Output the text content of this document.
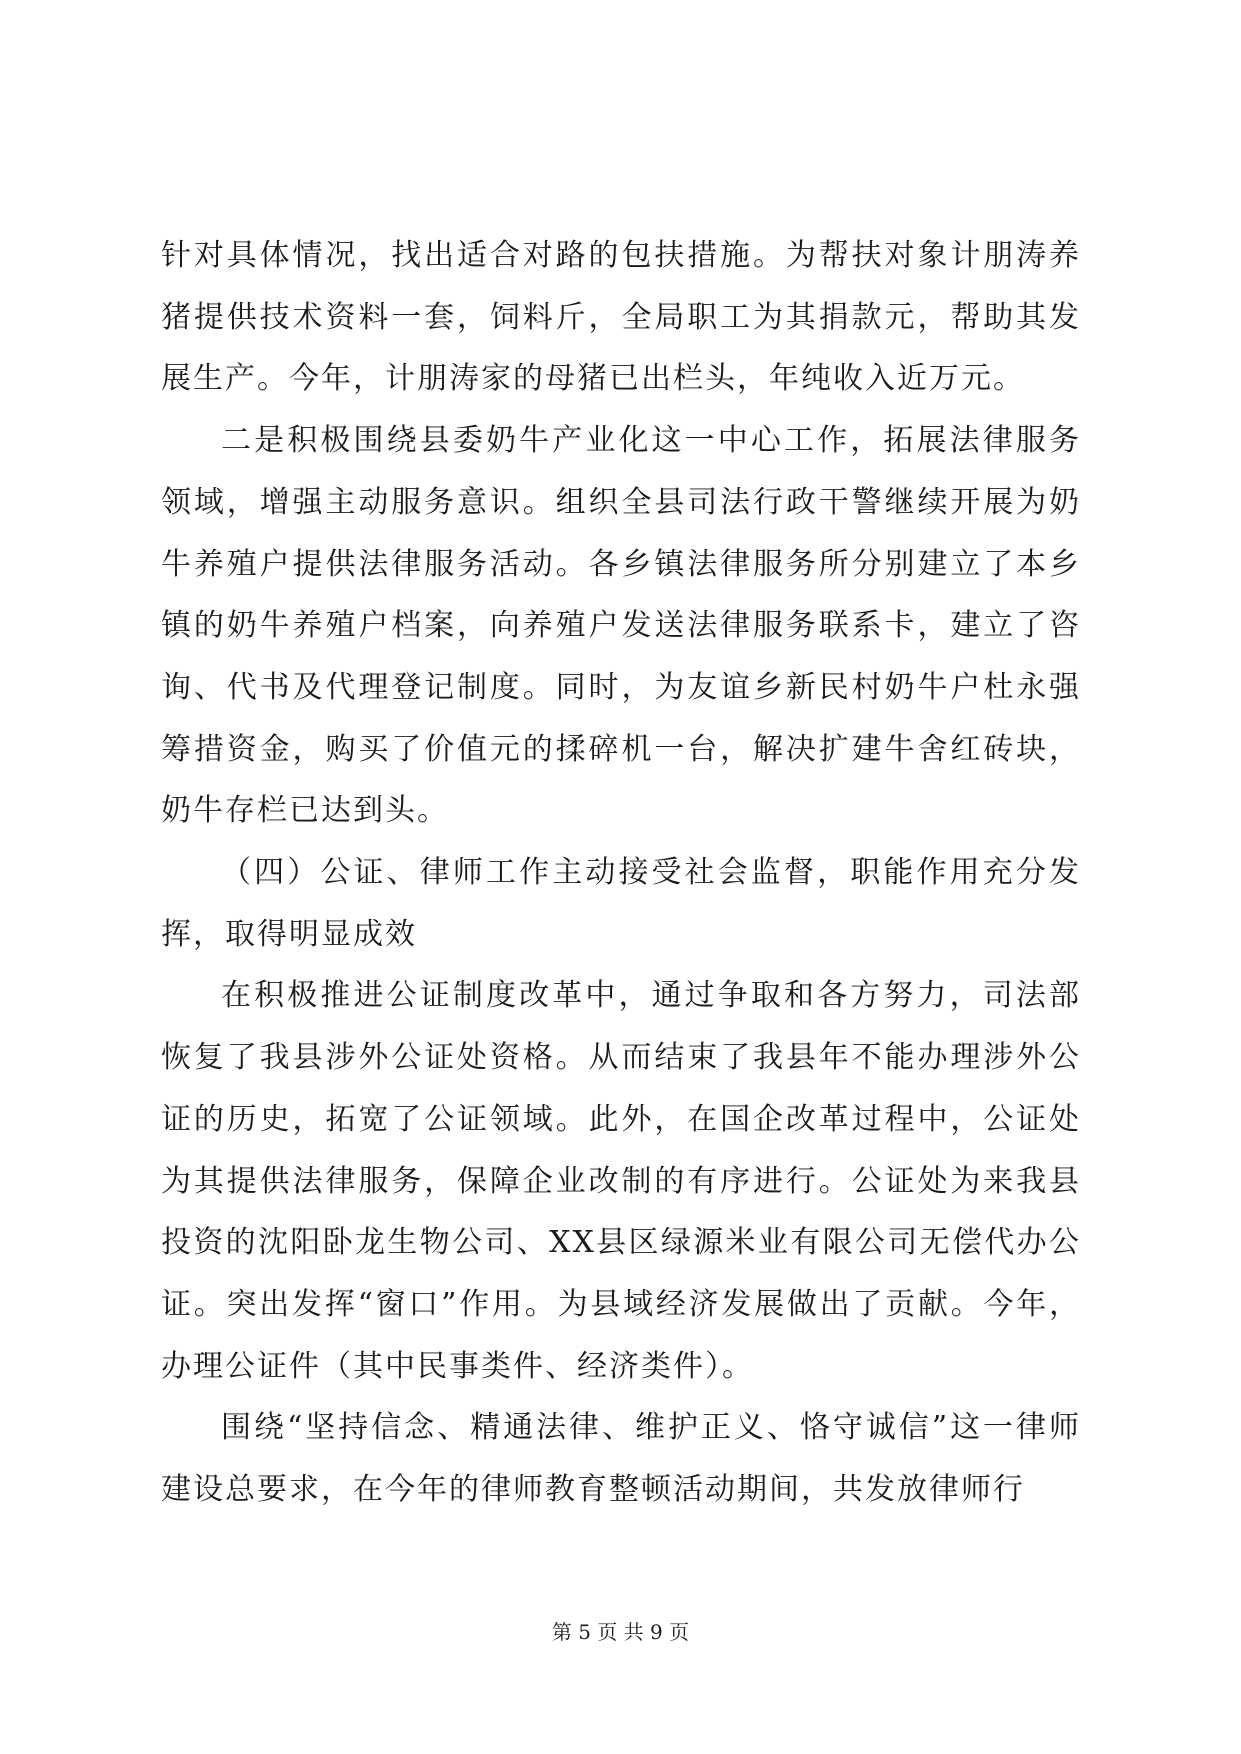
针对具体情况，找出适合对路的包扶措施。为帮扶对象计朋涛养猪提供技术资料一套，饲料斤，全局职工为其捐款元，帮助其发展生产。今年，计朋涛家的母猪已出栏头，年纯收入近万元。

二是积极围绕县委奶牛产业化这一中心工作，拓展法律服务领域，增强主动服务意识。组织全县司法行政干警继续开展为奶牛养殖户提供法律服务活动。各乡镇法律服务所分别建立了本乡镇的奶牛养殖户档案，向养殖户发送法律服务联系卡，建立了咨询、代书及代理登记制度。同时，为友谊乡新民村奶牛户杜永强筹措资金，购买了价值元的揉碎机一台，解决扩建牛舍红砖块，奶牛存栏已达到头。

（四）公证、律师工作主动接受社会监督，职能作用充分发挥，取得明显成效

在积极推进公证制度改革中，通过争取和各方努力，司法部恢复了我县涉外公证处资格。从而结束了我县年不能办理涉外公证的历史，拓宽了公证领域。此外，在国企改革过程中，公证处为其提供法律服务，保障企业改制的有序进行。公证处为来我县投资的沈阳卧龙生物公司、XX县区绿源米业有限公司无偿代办公证。突出发挥“窗口”作用。为县域经济发展做出了贡献。今年，办理公证件（其中民事类件、经济类件）。

围绕“坚持信念、精通法律、维护正义、恪守诚信”这一律师建设总要求，在今年的律师教育整顿活动期间，共发放律师行

第 5 页 共 9 页
